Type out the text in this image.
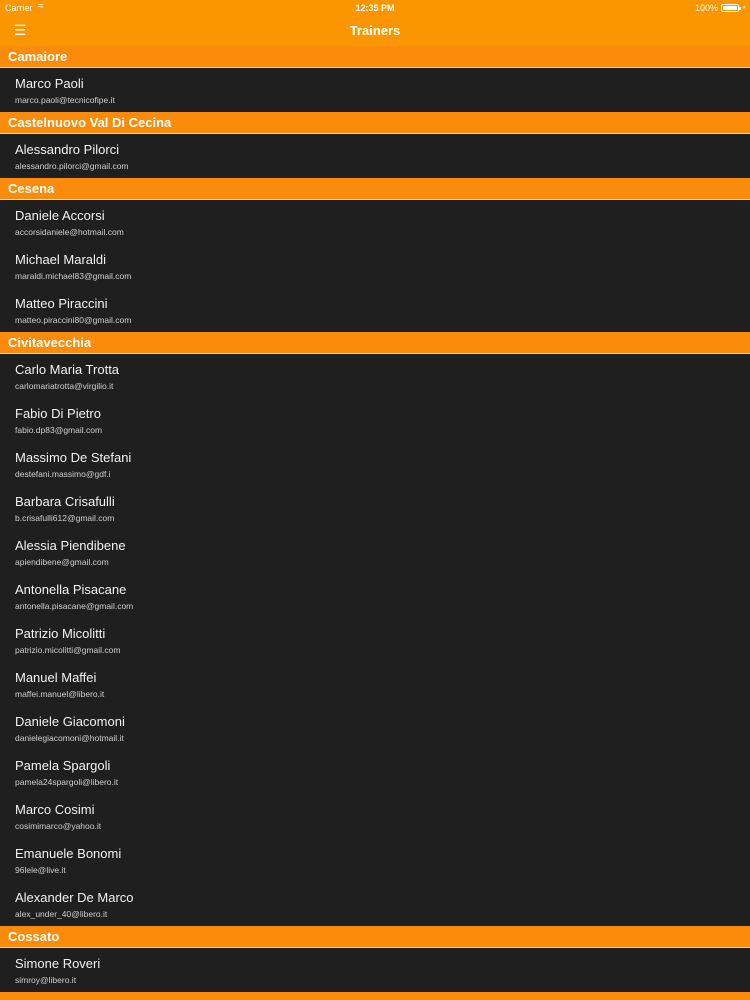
Carrier ≈	12:35 PM	100%	⋆
☰	Trainers
Camaiore
Marco Paoli
marco.paoli@tecnicofipe.it
Castelnuovo Val Di Cecina
Alessandro Pilorci
alessandro.pilorci@gmail.com
Cesena
Daniele Accorsi
accorsidaniele@hotmail.com
Michael Maraldi
maraldi.michael83@gmail.com
Matteo Piraccini
matteo.piraccini80@gmail.com
Civitavecchia
Carlo Maria Trotta
carlomariatrotta@virgilio.it
Fabio Di Pietro
fabio.dp83@gmail.com
Massimo De Stefani
destefani.massimo@gdf.i
Barbara Crisafulli
b.crisafulli612@gmail.com
Alessia Piendibene
apiendibene@gmail.com
Antonella Pisacane
antonella.pisacane@gmail.com
Patrizio Micolitti
patrizio.micolitti@gmail.com
Manuel Maffei
maffei.manuel@libero.it
Daniele Giacomoni
danielegiacomoni@hotmail.it
Pamela Spargoli
pamela24spargoli@libero.it
Marco Cosimi
cosimimarco@yahoo.it
Emanuele Bonomi
96lele@live.it
Alexander De Marco
alex_under_40@libero.it
Cossato
Simone Roveri
simroy@libero.it
